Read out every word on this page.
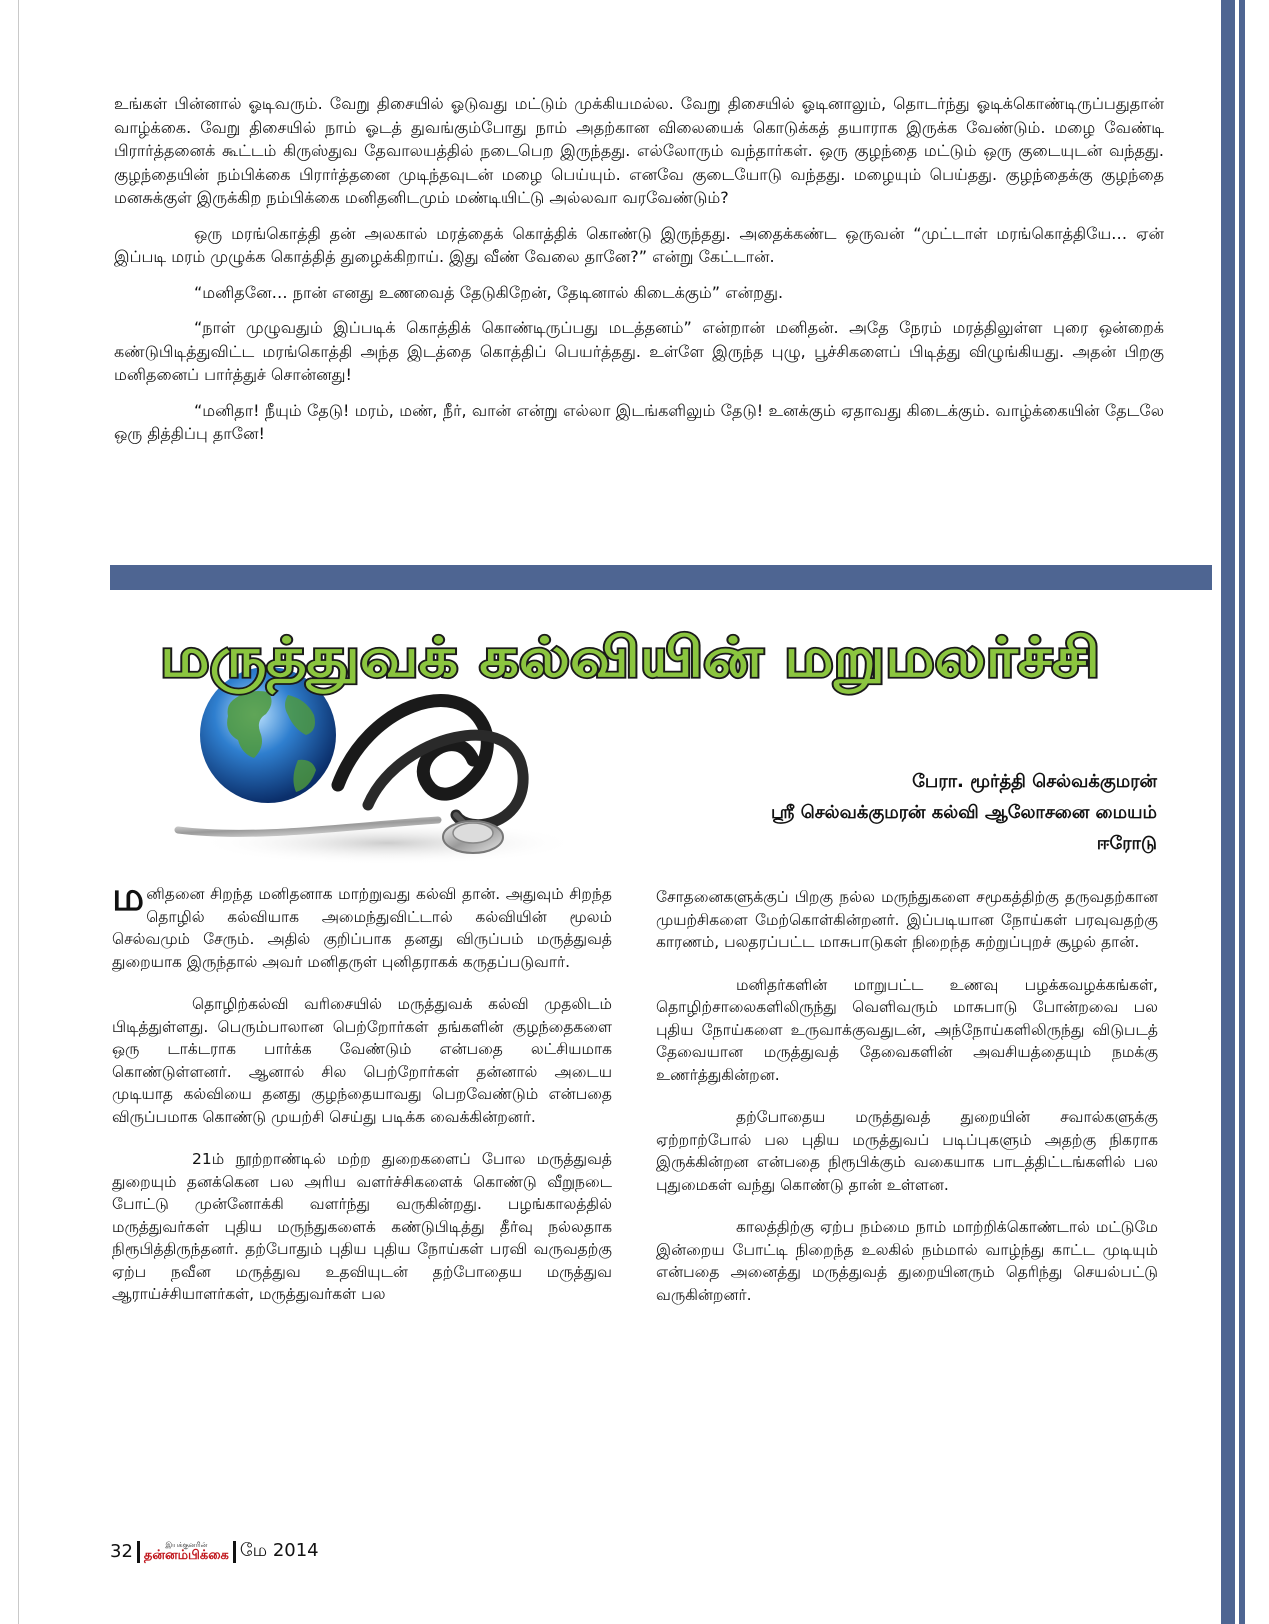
உங்கள் பின்னால் ஓடிவரும். வேறு திசையில் ஓடுவது மட்டும் முக்கியமல்ல. வேறு திசையில் ஓடினாலும், தொடர்ந்து ஓடிக்கொண்டிருப்பதுதான் வாழ்க்கை. வேறு திசையில் நாம் ஓடத் துவங்கும்போது நாம் அதற்கான விலையைக் கொடுக்கத் தயாராக இருக்க வேண்டும். மழை வேண்டி பிரார்த்தனைக் கூட்டம் கிருஸ்துவ தேவாலயத்தில் நடைபெற இருந்தது. எல்லோரும் வந்தார்கள். ஒரு குழந்தை மட்டும் ஒரு குடையுடன் வந்தது. குழந்தையின் நம்பிக்கை பிரார்த்தனை முடிந்தவுடன் மழை பெய்யும். எனவே குடையோடு வந்தது. மழையும் பெய்தது. குழந்தைக்கு குழந்தை மனசுக்குள் இருக்கிற நம்பிக்கை மனிதனிடமும் மண்டியிட்டு அல்லவா வரவேண்டும்?

ஒரு மரங்கொத்தி தன் அலகால் மரத்தைக் கொத்திக் கொண்டு இருந்தது. அதைக்கண்ட ஒருவன் “முட்டாள் மரங்கொத்தியே… ஏன் இப்படி மரம் முழுக்க கொத்தித் துழைக்கிறாய். இது வீண் வேலை தானே?” என்று கேட்டான்.

“மனிதனே… நான் எனது உணவைத் தேடுகிறேன், தேடினால் கிடைக்கும்” என்றது.

“நாள் முழுவதும் இப்படிக் கொத்திக் கொண்டிருப்பது மடத்தனம்” என்றான் மனிதன். அதே நேரம் மரத்திலுள்ள புரை ஒன்றைக் கண்டுபிடித்துவிட்ட மரங்கொத்தி அந்த இடத்தை கொத்திப் பெயர்த்தது. உள்ளே இருந்த புழு, பூச்சிகளைப் பிடித்து விழுங்கியது. அதன் பிறகு மனிதனைப் பார்த்துச் சொன்னது!

“மனிதா! நீயும் தேடு! மரம், மண், நீர், வான் என்று எல்லா இடங்களிலும் தேடு! உனக்கும் ஏதாவது கிடைக்கும். வாழ்க்கையின் தேடலே ஒரு தித்திப்பு தானே!

மருத்துவக் கல்வியின் மறுமலர்ச்சி
பேரா. மூர்த்தி செல்வக்குமரன்
ஸ்ரீ செல்வக்குமரன் கல்வி ஆலோசனை மையம்
ஈரோடு

மனிதனை சிறந்த மனிதனாக மாற்றுவது கல்வி தான். அதுவும் சிறந்த தொழில் கல்வியாக அமைந்துவிட்டால் கல்வியின் மூலம் செல்வமும் சேரும். அதில் குறிப்பாக தனது விருப்பம் மருத்துவத் துறையாக இருந்தால் அவர் மனிதருள் புனிதராகக் கருதப்படுவார்.

தொழிற்கல்வி வரிசையில் மருத்துவக் கல்வி முதலிடம் பிடித்துள்ளது. பெரும்பாலான பெற்றோர்கள் தங்களின் குழந்தைகளை ஒரு டாக்டராக பார்க்க வேண்டும் என்பதை லட்சியமாக கொண்டுள்ளனர். ஆனால் சில பெற்றோர்கள் தன்னால் அடைய முடியாத கல்வியை தனது குழந்தையாவது பெறவேண்டும் என்பதை விருப்பமாக கொண்டு முயற்சி செய்து படிக்க வைக்கின்றனர்.

21ம் நூற்றாண்டில் மற்ற துறைகளைப் போல மருத்துவத் துறையும் தனக்கென பல அரிய வளர்ச்சிகளைக் கொண்டு வீறுநடை போட்டு முன்னோக்கி வளர்ந்து வருகின்றது. பழங்காலத்தில் மருத்துவர்கள் புதிய மருந்துகளைக் கண்டுபிடித்து தீர்வு நல்லதாக நிரூபித்திருந்தனர். தற்போதும் புதிய புதிய நோய்கள் பரவி வருவதற்கு ஏற்ப நவீன மருத்துவ உதவியுடன் தற்போதைய மருத்துவ ஆராய்ச்சியாளர்கள், மருத்துவர்கள் பல

சோதனைகளுக்குப் பிறகு நல்ல மருந்துகளை சமூகத்திற்கு தருவதற்கான முயற்சிகளை மேற்கொள்கின்றனர். இப்படியான நோய்கள் பரவுவதற்கு காரணம், பலதரப்பட்ட மாசுபாடுகள் நிறைந்த சுற்றுப்புறச் சூழல் தான்.

மனிதர்களின் மாறுபட்ட உணவு பழக்கவழக்கங்கள், தொழிற்சாலைகளிலிருந்து வெளிவரும் மாசுபாடு போன்றவை பல புதிய நோய்களை உருவாக்குவதுடன், அந்நோய்களிலிருந்து விடுபடத் தேவையான மருத்துவத் தேவைகளின் அவசியத்தையும் நமக்கு உணர்த்துகின்றன.

தற்போதைய மருத்துவத் துறையின் சவால்களுக்கு ஏற்றாற்போல் பல புதிய மருத்துவப் படிப்புகளும் அதற்கு நிகராக இருக்கின்றன என்பதை நிரூபிக்கும் வகையாக பாடத்திட்டங்களில் பல புதுமைகள் வந்து கொண்டு தான் உள்ளன.

காலத்திற்கு ஏற்ப நம்மை நாம் மாற்றிக்கொண்டால் மட்டுமே இன்றைய போட்டி நிறைந்த உலகில் நம்மால் வாழ்ந்து காட்ட முடியும் என்பதை அனைத்து மருத்துவத் துறையினரும் தெரிந்து செயல்பட்டு வருகின்றனர்.

32	இயக்குனரின்
தன்னம்பிக்கை மே 2014
